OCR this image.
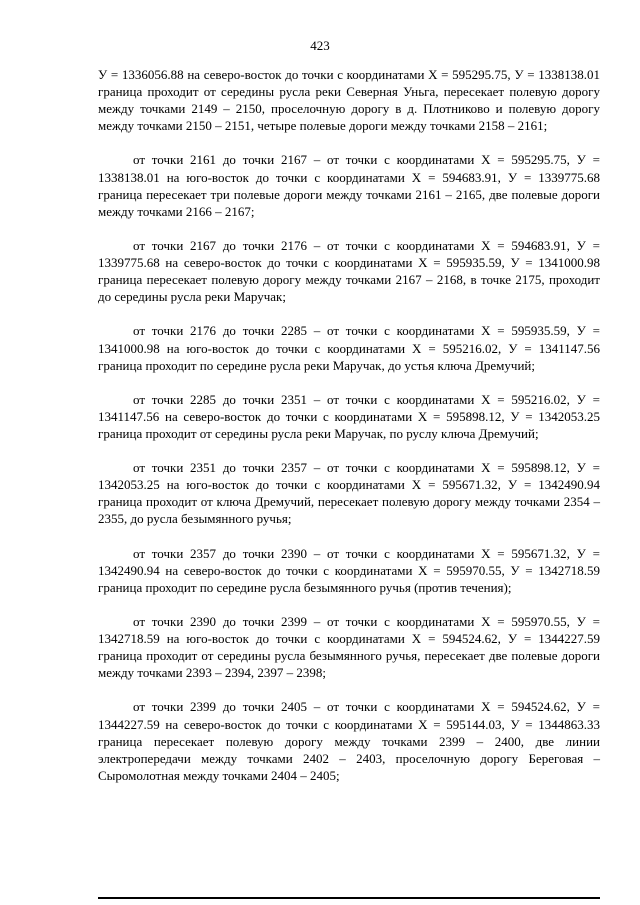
423

У = 1336056.88 на северо-восток до точки с координатами Х = 595295.75, У = 1338138.01 граница проходит от середины русла реки Северная Уньга, пересекает полевую дорогу между точками 2149 – 2150, проселочную дорогу в д. Плотниково и полевую дорогу между точками 2150 – 2151, четыре полевые дороги между точками 2158 – 2161;

от точки 2161 до точки 2167 – от точки с координатами Х = 595295.75, У = 1338138.01 на юго-восток до точки с координатами Х = 594683.91, У = 1339775.68 граница пересекает три полевые дороги между точками 2161 – 2165, две полевые дороги между точками 2166 – 2167;

от точки 2167 до точки 2176 – от точки с координатами Х = 594683.91, У = 1339775.68 на северо-восток до точки с координатами Х = 595935.59, У = 1341000.98 граница пересекает полевую дорогу между точками 2167 – 2168, в точке 2175, проходит до середины русла реки Маручак;

от точки 2176 до точки 2285 – от точки с координатами Х = 595935.59, У = 1341000.98 на юго-восток до точки с координатами Х = 595216.02, У = 1341147.56 граница проходит по середине русла реки Маручак, до устья ключа Дремучий;

от точки 2285 до точки 2351 – от точки с координатами Х = 595216.02, У = 1341147.56 на северо-восток до точки с координатами Х = 595898.12, У = 1342053.25 граница проходит от середины русла реки Маручак, по руслу ключа Дремучий;

от точки 2351 до точки 2357 – от точки с координатами Х = 595898.12, У = 1342053.25 на юго-восток до точки с координатами Х = 595671.32, У = 1342490.94 граница проходит от ключа Дремучий, пересекает полевую дорогу между точками 2354 – 2355, до русла безымянного ручья;

от точки 2357 до точки 2390 – от точки с координатами Х = 595671.32, У = 1342490.94 на северо-восток до точки с координатами Х = 595970.55, У = 1342718.59 граница проходит по середине русла безымянного ручья (против течения);

от точки 2390 до точки 2399 – от точки с координатами Х = 595970.55, У = 1342718.59 на юго-восток до точки с координатами Х = 594524.62, У = 1344227.59 граница проходит от середины русла безымянного ручья, пересекает две полевые дороги между точками 2393 – 2394, 2397 – 2398;

от точки 2399 до точки 2405 – от точки с координатами Х = 594524.62, У = 1344227.59 на северо-восток до точки с координатами Х = 595144.03, У = 1344863.33 граница пересекает полевую дорогу между точками 2399 – 2400, две линии электропередачи между точками 2402 – 2403, проселочную дорогу Береговая – Сыромолотная между точками 2404 – 2405;
